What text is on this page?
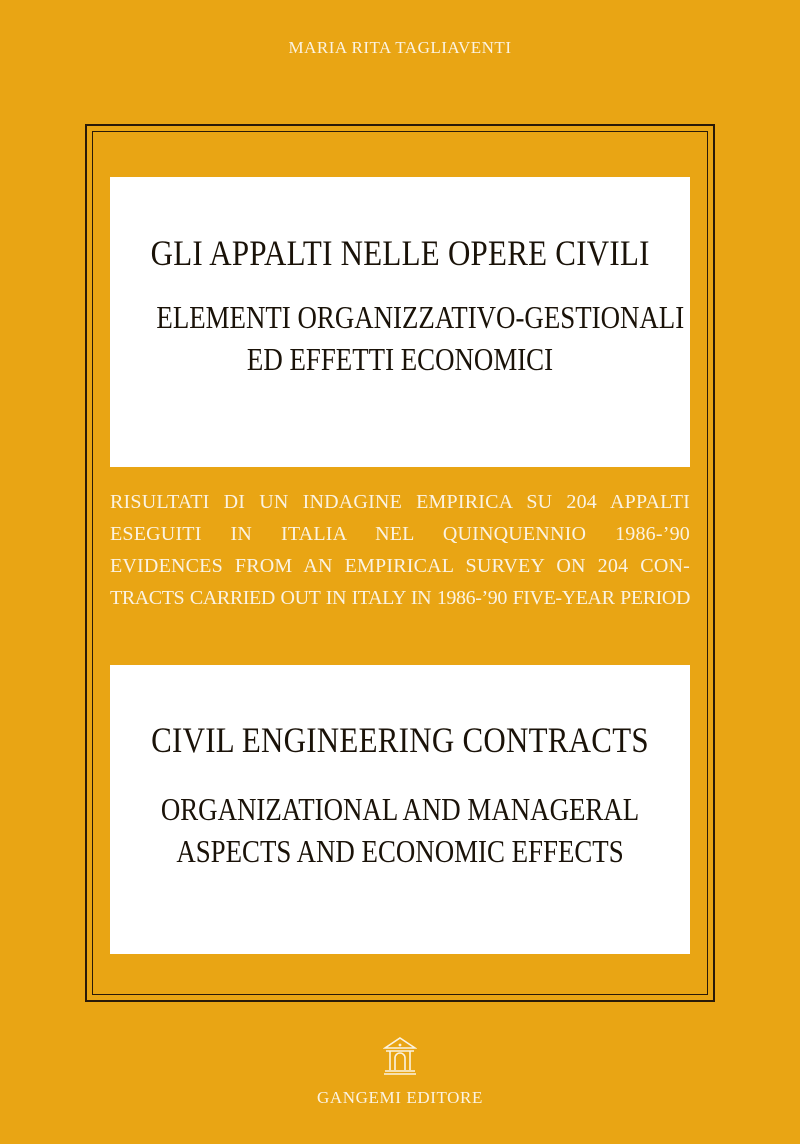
MARIA RITA TAGLIAVENTI
GLI APPALTI NELLE OPERE CIVILI
ELEMENTI ORGANIZZATIVO-GESTIONALI
ED EFFETTI ECONOMICI
RISULTATI DI UN INDAGINE EMPIRICA SU 204 APPALTI
ESEGUITI IN ITALIA NEL QUINQUENNIO 1986-’90
EVIDENCES FROM AN EMPIRICAL SURVEY ON 204 CON-
TRACTS CARRIED OUT IN ITALY IN 1986-’90 FIVE-YEAR PERIOD
CIVIL ENGINEERING CONTRACTS
ORGANIZATIONAL AND MANAGERAL
ASPECTS AND ECONOMIC EFFECTS
GANGEMI EDITORE
